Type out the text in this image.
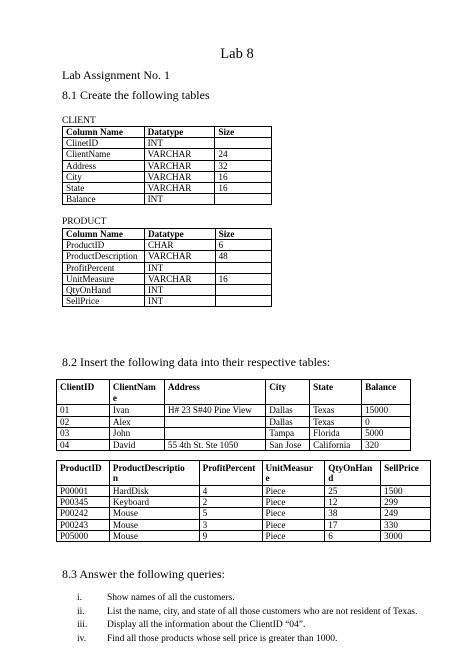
Lab 8
Lab Assignment No. 1
8.1 Create the following tables
CLIENT
Column Name	Datatype	Size
ClinetID	INT	
ClientName	VARCHAR	24
Address	VARCHAR	32
City	VARCHAR	16
State	VARCHAR	16
Balance	INT	
PRODUCT
Column Name	Datatype	Size
ProductID	CHAR	6
ProductDescription	VARCHAR	48
ProfitPercent	INT	
UnitMeasure	VARCHAR	16
QtyOnHand	INT	
SellPrice	INT	
8.2 Insert the following data into their respective tables:
ClientID	ClientNam
e	Address	City	State	Balance
01	Ivan	H# 23 S#40 Pine View	Dallas	Texas	15000
02	Alex		Dallas	Texas	0
03	John		Tampa	Florida	5000
04	David	55 4th St. Ste 1050	San Jose	California	320
ProductID	ProductDescriptio
n	ProfitPercent	UnitMeasur
e	QtyOnHan
d	SellPrice
P00001	HardDisk	4	Piece	25	1500
P00345	Keyboard	2	Piece	12	299
P00242	Mouse	5	Piece	38	249
P00243	Mouse	3	Piece	17	330
P05000	Mouse	9	Piece	6	3000
8.3 Answer the following queries:
i.	Show names of all the customers.
ii.	List the name, city, and state of all those customers who are not resident of Texas.
iii.	Display all the information about the ClientID “04”.
iv.	Find all those products whose sell price is greater than 1000.
